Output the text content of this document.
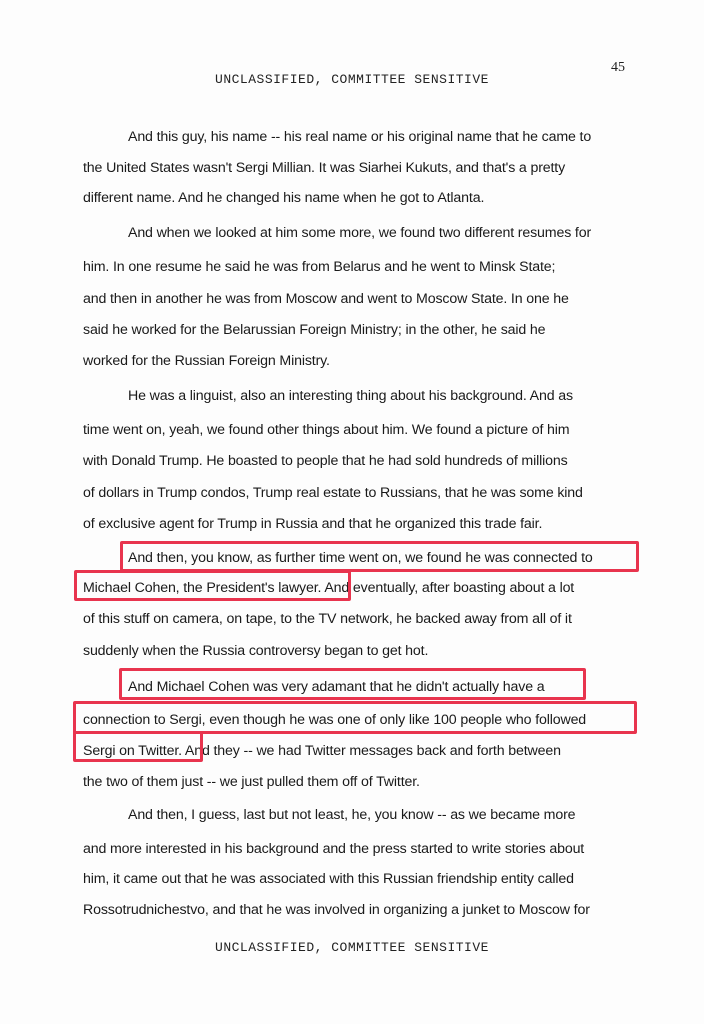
45
UNCLASSIFIED, COMMITTEE SENSITIVE
And this guy, his name -- his real name or his original name that he came to
the United States wasn't Sergi Millian. It was Siarhei Kukuts, and that's a pretty
different name. And he changed his name when he got to Atlanta.
And when we looked at him some more, we found two different resumes for
him. In one resume he said he was from Belarus and he went to Minsk State;
and then in another he was from Moscow and went to Moscow State. In one he
said he worked for the Belarussian Foreign Ministry; in the other, he said he
worked for the Russian Foreign Ministry.
He was a linguist, also an interesting thing about his background. And as
time went on, yeah, we found other things about him. We found a picture of him
with Donald Trump. He boasted to people that he had sold hundreds of millions
of dollars in Trump condos, Trump real estate to Russians, that he was some kind
of exclusive agent for Trump in Russia and that he organized this trade fair.
And then, you know, as further time went on, we found he was connected to
Michael Cohen, the President's lawyer. And eventually, after boasting about a lot
of this stuff on camera, on tape, to the TV network, he backed away from all of it
suddenly when the Russia controversy began to get hot.
And Michael Cohen was very adamant that he didn't actually have a
connection to Sergi, even though he was one of only like 100 people who followed
Sergi on Twitter. And they -- we had Twitter messages back and forth between
the two of them just -- we just pulled them off of Twitter.
And then, I guess, last but not least, he, you know -- as we became more
and more interested in his background and the press started to write stories about
him, it came out that he was associated with this Russian friendship entity called
Rossotrudnichestvo, and that he was involved in organizing a junket to Moscow for
UNCLASSIFIED, COMMITTEE SENSITIVE
